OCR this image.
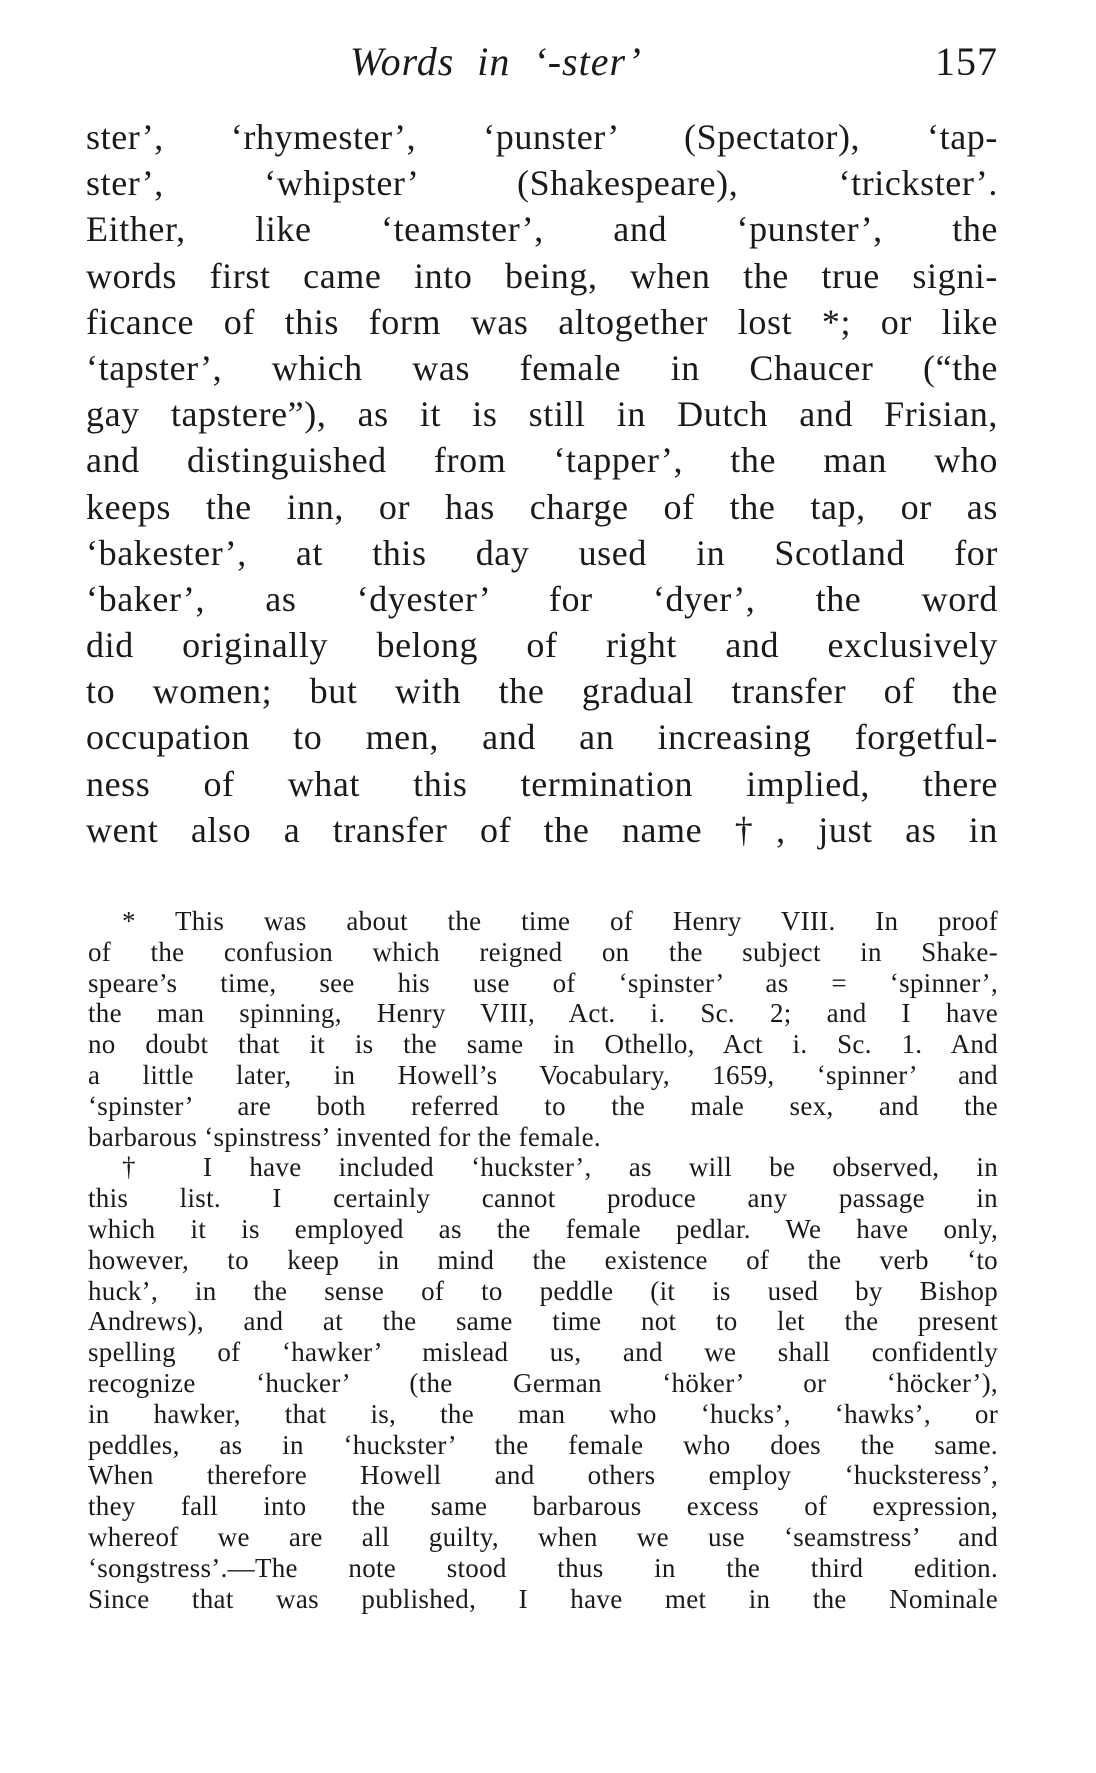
Words in ‘-ster’	157
ster’, ‘rhymester’, ‘punster’ (Spectator), ‘tap-
ster’, ‘whipster’ (Shakespeare), ‘trickster’.
Either, like ‘teamster’, and ‘punster’, the
words first came into being, when the true signi-
ficance of this form was altogether lost *; or like
‘tapster’, which was female in Chaucer (“the
gay tapstere”), as it is still in Dutch and Frisian,
and distinguished from ‘tapper’, the man who
keeps the inn, or has charge of the tap, or as
‘bakester’, at this day used in Scotland for
‘baker’, as ‘dyester’ for ‘dyer’, the word
did originally belong of right and exclusively
to women; but with the gradual transfer of the
occupation to men, and an increasing forgetful-
ness of what this termination implied, there
went also a transfer of the name †, just as in
* This was about the time of Henry VIII. In proof
of the confusion which reigned on the subject in Shake-
speare’s time, see his use of ‘spinster’ as = ‘spinner’,
the man spinning, Henry VIII, Act. i. Sc. 2; and I have
no doubt that it is the same in Othello, Act i. Sc. 1. And
a little later, in Howell’s Vocabulary, 1659, ‘spinner’ and
‘spinster’ are both referred to the male sex, and the
barbarous ‘spinstress’ invented for the female.
† I have included ‘huckster’, as will be observed, in
this list. I certainly cannot produce any passage in
which it is employed as the female pedlar. We have only,
however, to keep in mind the existence of the verb ‘to
huck’, in the sense of to peddle (it is used by Bishop
Andrews), and at the same time not to let the present
spelling of ‘hawker’ mislead us, and we shall confidently
recognize ‘hucker’ (the German ‘höker’ or ‘höcker’),
in hawker, that is, the man who ‘hucks’, ‘hawks’, or
peddles, as in ‘huckster’ the female who does the same.
When therefore Howell and others employ ‘hucksteress’,
they fall into the same barbarous excess of expression,
whereof we are all guilty, when we use ‘seamstress’ and
‘songstress’.—The note stood thus in the third edition.
Since that was published, I have met in the Nominale
